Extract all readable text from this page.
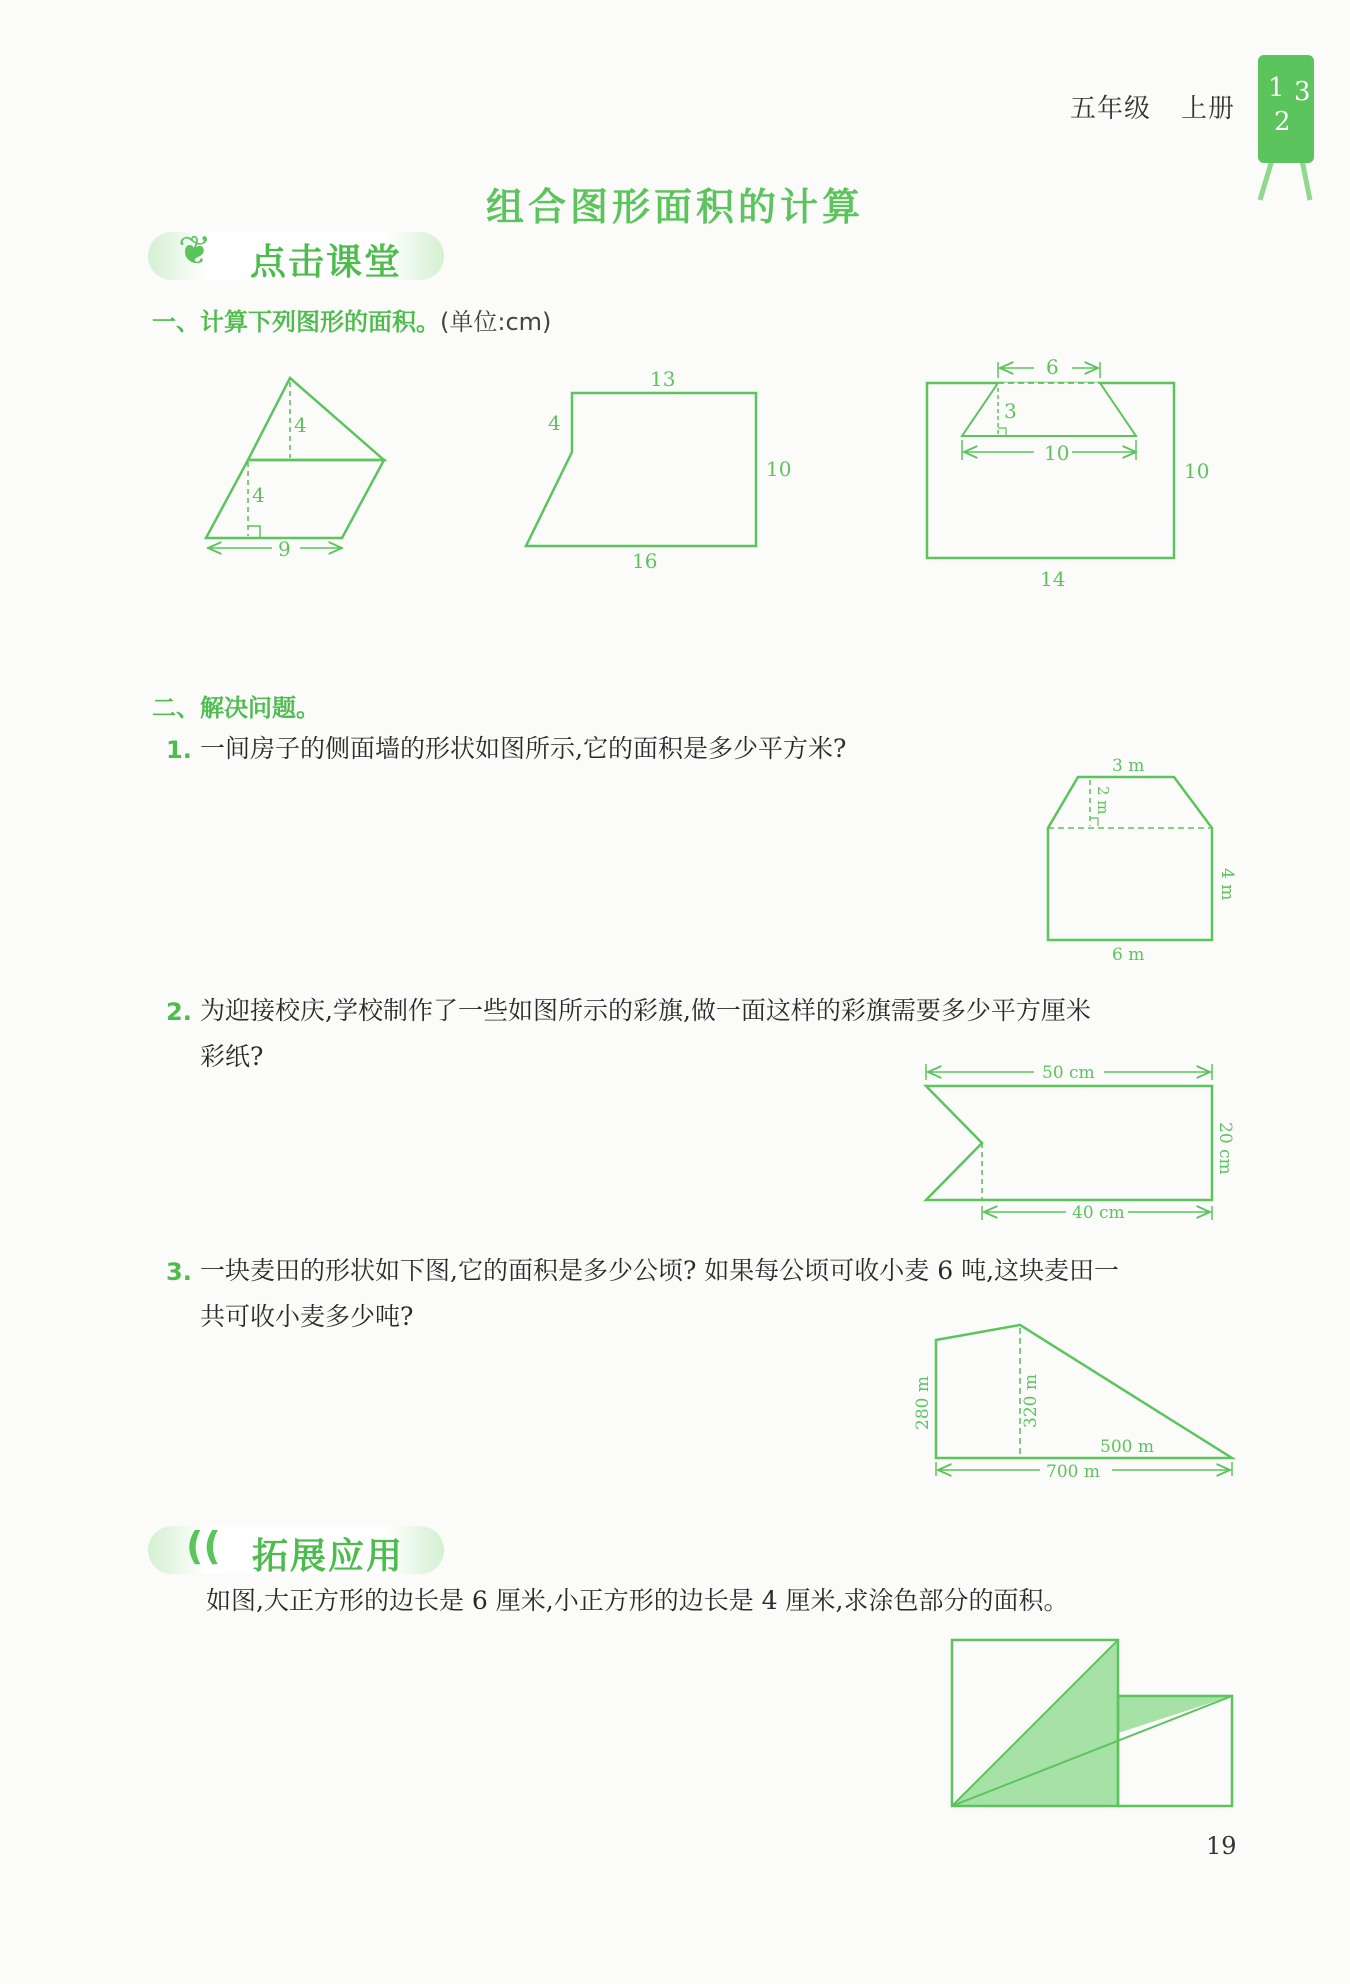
五年级 上册
1 3
2
组合图形面积的计算
❦ 点击课堂
一、计算下列图形的面积。(单位:cm)
4
4
9
13
4
10
16
6
3
10
10
14
3 m
2 m
4 m
6 m
50 cm
20 cm
40 cm
280 m	320 m
500 m
700 m
二、解决问题。
1. 一间房子的侧面墙的形状如图所示,它的面积是多少平方米?
2. 为迎接校庆,学校制作了一些如图所示的彩旗,做一面这样的彩旗需要多少平方厘米
彩纸?
3. 一块麦田的形状如下图,它的面积是多少公顷? 如果每公顷可收小麦 6 吨,这块麦田一
共可收小麦多少吨?
(( 拓展应用
如图,大正方形的边长是 6 厘米,小正方形的边长是 4 厘米,求涂色部分的面积。
19
